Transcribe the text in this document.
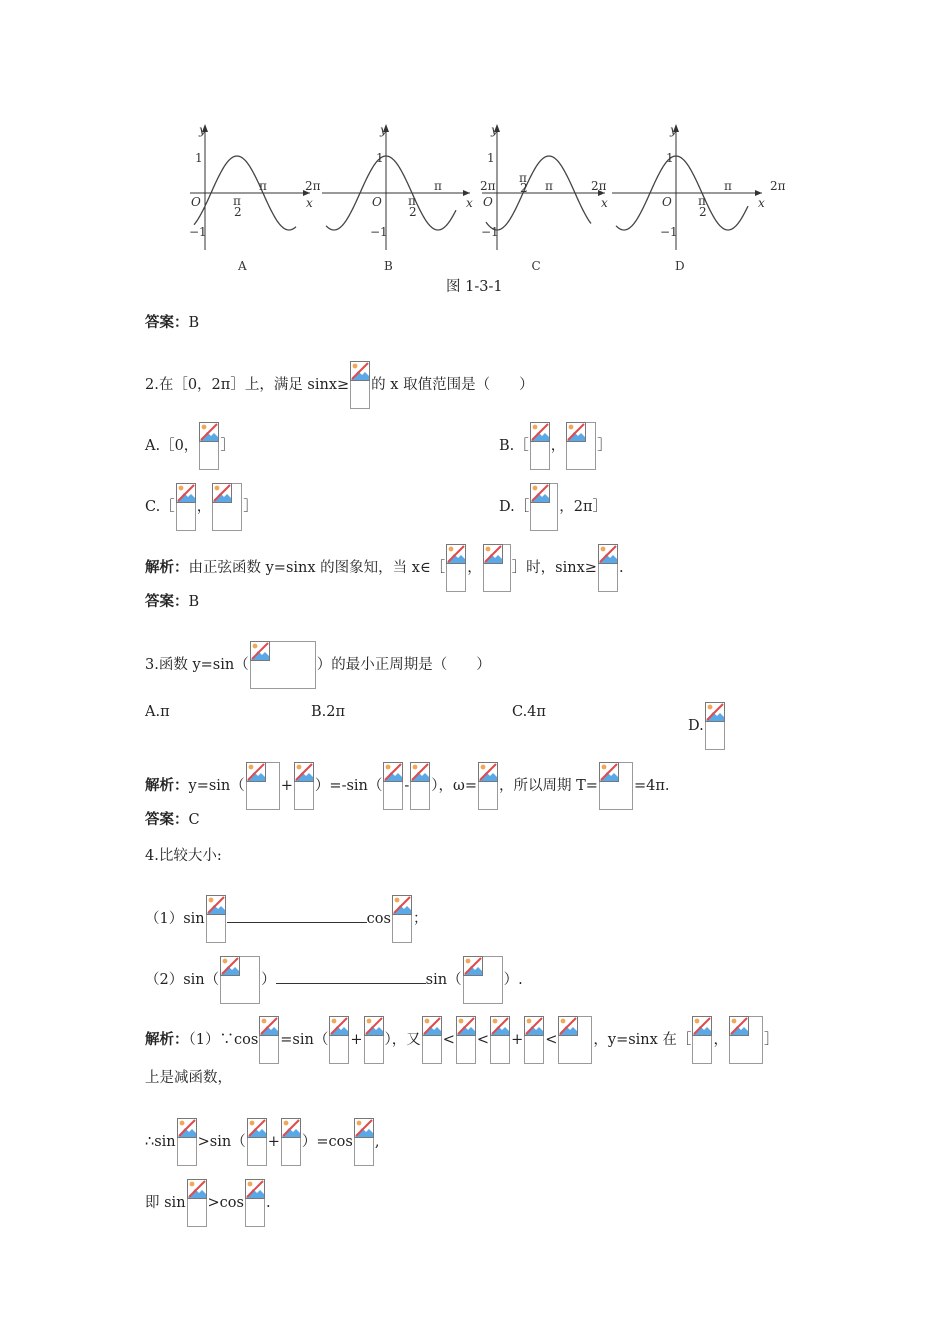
y
x
O
1
−1
π
π
2
2π
A
y
x
O
1
−1
π
π
2
2π
B
y
x
O
1
−1
π
π
2	2π
C
y
x
O
1
−1
π
π
2
2π
D
图 1-3-1
答案：B
2.在［0，2π］上，满足 sinx≥ 的 x 取值范围是（　　）
A.［0， ］	B.［ ， ］
C.［ ， ］	D.［ ，2π］
解析：由正弦函数 y=sinx 的图象知，当 x∈［ ， ］时，sinx≥ .
答案：B
3.函数 y=sin（	）的最小正周期是（　　）
A.π	B.2π	C.4π
D.
解析：y=sin（ + ）=-sin（ - ），ω= ，所以周期 T= =4π.
答案：C
4.比较大小:
（1）sin	cos ；
（2）sin（	）	sin（	）.
解析：（1）∵cos =sin（ + ），又 < < + < ，y=sinx 在［ ， ］
上是减函数，
∴sin >sin（ + ）=cos ,
即 sin >cos .
